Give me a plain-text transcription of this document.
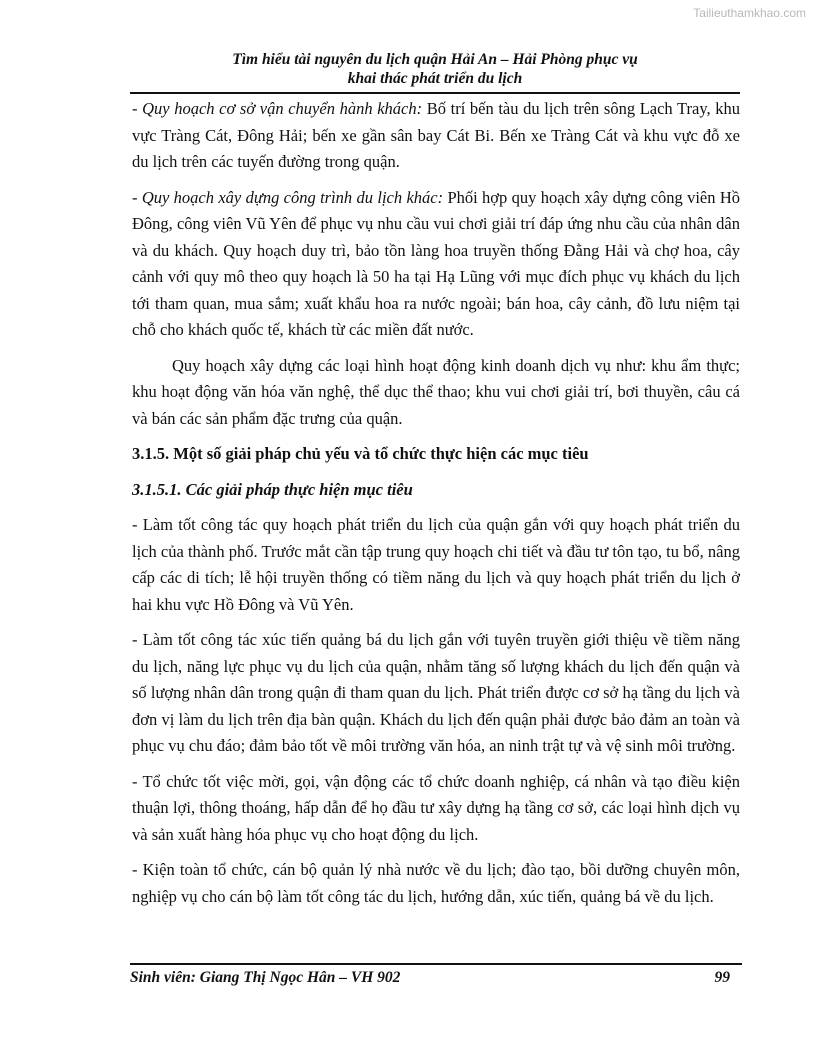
Tailieuthamkhao.com
Tìm hiểu tài nguyên du lịch quận Hải An – Hải Phòng phục vụ
khai thác phát triển du lịch

- Quy hoạch cơ sở vận chuyển hành khách: Bố trí bến tàu du lịch trên sông Lạch Tray, khu vực Tràng Cát, Đông Hải; bến xe gần sân bay Cát Bi. Bến xe Tràng Cát và khu vực đỗ xe du lịch trên các tuyến đường trong quận.

- Quy hoạch xây dựng công trình du lịch khác: Phối hợp quy hoạch xây dựng công viên Hồ Đông, công viên Vũ Yên để phục vụ nhu cầu vui chơi giải trí đáp ứng nhu cầu của nhân dân và du khách. Quy hoạch duy trì, bảo tồn làng hoa truyền thống Đằng Hải và chợ hoa, cây cảnh với quy mô theo quy hoạch là 50 ha tại Hạ Lũng với mục đích phục vụ khách du lịch tới tham quan, mua sắm; xuất khẩu hoa ra nước ngoài; bán hoa, cây cảnh, đồ lưu niệm tại chỗ cho khách quốc tế, khách từ các miền đất nước.

Quy hoạch xây dựng các loại hình hoạt động kinh doanh dịch vụ như: khu ẩm thực; khu hoạt động văn hóa văn nghệ, thể dục thể thao; khu vui chơi giải trí, bơi thuyền, câu cá và bán các sản phẩm đặc trưng của quận.

3.1.5. Một số giải pháp chủ yếu và tổ chức thực hiện các mục tiêu
3.1.5.1. Các giải pháp thực hiện mục tiêu

- Làm tốt công tác quy hoạch phát triển du lịch của quận gắn với quy hoạch phát triển du lịch của thành phố. Trước mắt cần tập trung quy hoạch chi tiết và đầu tư tôn tạo, tu bổ, nâng cấp các di tích; lễ hội truyền thống có tiềm năng du lịch và quy hoạch phát triển du lịch ở hai khu vực Hồ Đông và Vũ Yên.

- Làm tốt công tác xúc tiến quảng bá du lịch gắn với tuyên truyền giới thiệu về tiềm năng du lịch, năng lực phục vụ du lịch của quận, nhằm tăng số lượng khách du lịch đến quận và số lượng nhân dân trong quận đi tham quan du lịch. Phát triển được cơ sở hạ tầng du lịch và đơn vị làm du lịch trên địa bàn quận. Khách du lịch đến quận phải được bảo đảm an toàn và phục vụ chu đáo; đảm bảo tốt về môi trường văn hóa, an ninh trật tự và vệ sinh môi trường.

- Tổ chức tốt việc mời, gọi, vận động các tổ chức doanh nghiệp, cá nhân và tạo điều kiện thuận lợi, thông thoáng, hấp dẫn để họ đầu tư xây dựng hạ tầng cơ sở, các loại hình dịch vụ và sản xuất hàng hóa phục vụ cho hoạt động du lịch.

- Kiện toàn tổ chức, cán bộ quản lý nhà nước về du lịch; đào tạo, bồi dưỡng chuyên môn, nghiệp vụ cho cán bộ làm tốt công tác du lịch, hướng dẫn, xúc tiến, quảng bá về du lịch.

Sinh viên: Giang Thị Ngọc Hân – VH 902	99
